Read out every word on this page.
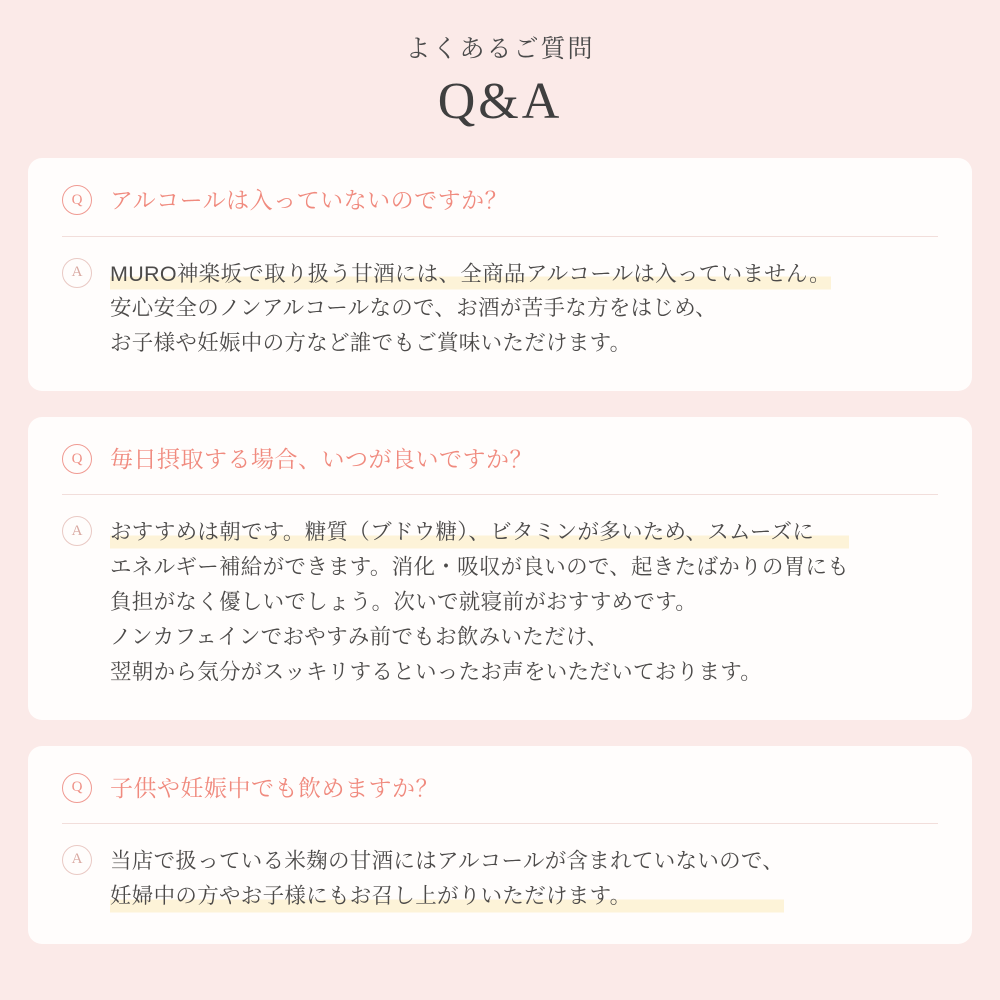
よくあるご質問
Q&A
Q	アルコールは入っていないのですか？
A	MURO神楽坂で取り扱う甘酒には、全商品アルコールは入っていません。
安心安全のノンアルコールなので、お酒が苦手な方をはじめ、
お子様や妊娠中の方など誰でもご賞味いただけます。
Q	毎日摂取する場合、いつが良いですか？
A	おすすめは朝です。糖質（ブドウ糖）、ビタミンが多いため、スムーズに
エネルギー補給ができます。消化・吸収が良いので、起きたばかりの胃にも
負担がなく優しいでしょう。次いで就寝前がおすすめです。
ノンカフェインでおやすみ前でもお飲みいただけ、
翌朝から気分がスッキリするといったお声をいただいております。
Q	子供や妊娠中でも飲めますか？
A	当店で扱っている米麹の甘酒にはアルコールが含まれていないので、
妊婦中の方やお子様にもお召し上がりいただけます。
